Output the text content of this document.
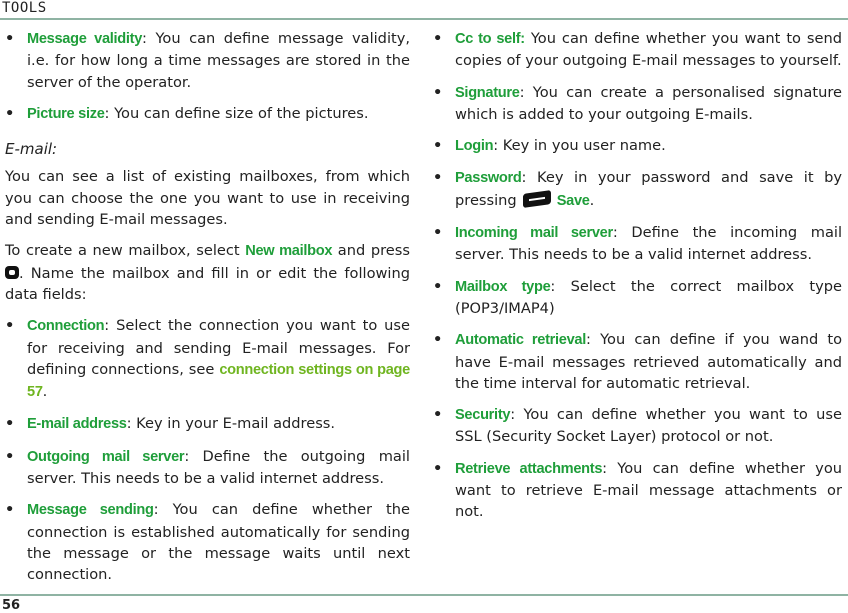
TOOLS
• Message validity: You can define message validity, i.e. for how long a time messages are stored in the server of the operator.
• Picture size: You can define size of the pictures.
E-mail:

You can see a list of existing mailboxes, from which you can choose the one you want to use in receiving and sending E-mail messages.

To create a new mailbox, select New mailbox and press . Name the mailbox and fill in or edit the following data fields:

• Connection: Select the connection you want to use for receiving and sending E-mail messages. For defining connections, see connection settings on page 57.
• E-mail address: Key in your E-mail address.
• Outgoing mail server: Define the outgoing mail server. This needs to be a valid internet address.
• Message sending: You can define whether the connection is established automatically for sending the message or the message waits until next connection.
• Cc to self: You can define whether you want to send copies of your outgoing E-mail messages to yourself.
• Signature: You can create a personalised signature which is added to your outgoing E-mails.
• Login: Key in you user name.
• Password: Key in your password and save it by pressing	Save.
• Incoming mail server: Define the incoming mail server. This needs to be a valid internet address.
• Mailbox type: Select the correct mailbox type (POP3/IMAP4)
• Automatic retrieval: You can define if you wand to have E-mail messages retrieved automatically and the time interval for automatic retrieval.
• Security: You can define whether you want to use SSL (Security Socket Layer) protocol or not.
• Retrieve attachments: You can define whether you want to retrieve E-mail message attachments or not.
56
